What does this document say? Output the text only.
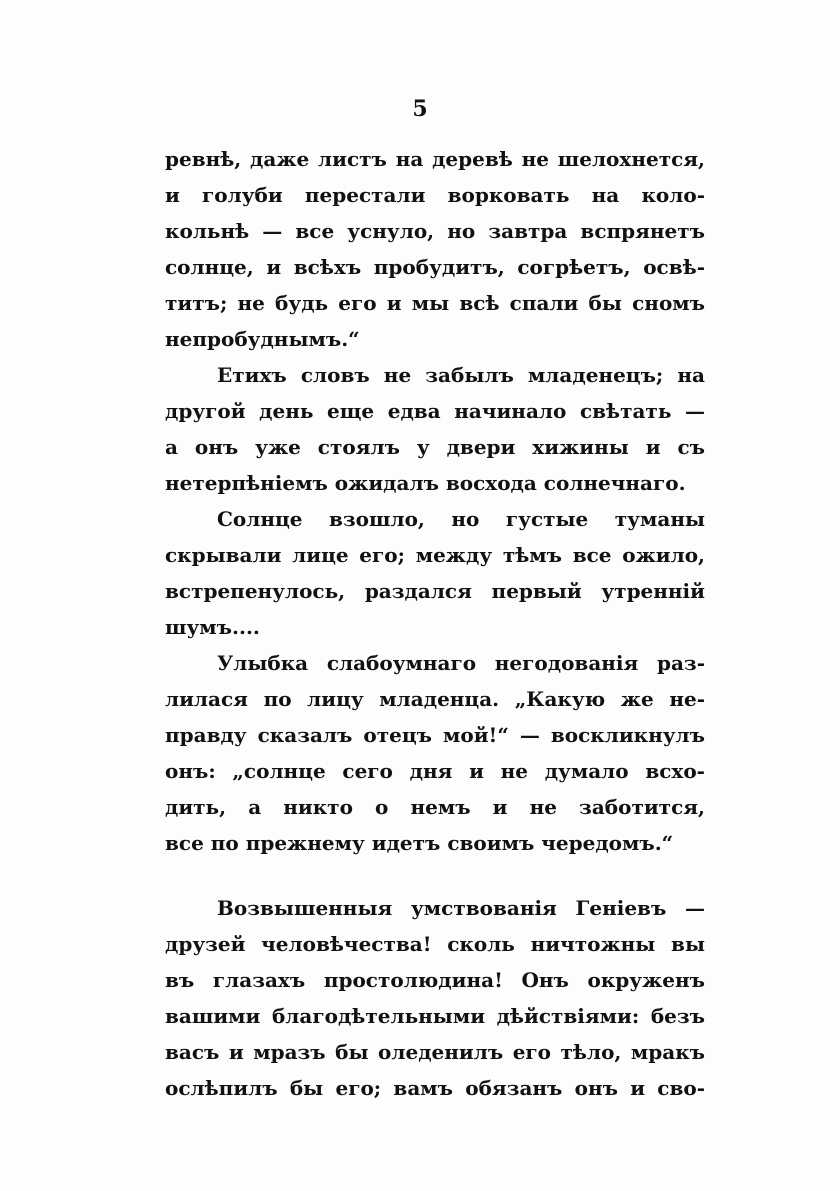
5
ревнѣ, даже листъ на деревѣ не шелохнется,
и голуби перестали ворковать на коло-
кольнѣ — все уснуло, но завтра вспрянетъ
солнце, и всѣхъ пробудитъ, согрѣетъ, освѣ-
титъ; не будь его и мы всѣ спали бы сномъ
непробуднымъ.“
Етихъ словъ не забылъ младенецъ; на
другой день еще едва начинало свѣтать —
а онъ уже стоялъ у двери хижины и съ
нетерпѣніемъ ожидалъ восхода солнечнаго.
Солнце взошло, но густые туманы
скрывали лице его; между тѣмъ все ожило,
встрепенулось, раздался первый утренній
шумъ....
Улыбка слабоумнаго негодованія раз-
лилася по лицу младенца. „Какую же не-
правду сказалъ отецъ мой!“ — воскликнулъ
онъ: „солнце сего дня и не думало всхо-
дить, а никто о немъ и не заботится,
все по прежнему идетъ своимъ чередомъ.“
Возвышенныя умствованія Геніевъ —
друзей человѣчества! сколь ничтожны вы
въ глазахъ простолюдина! Онъ окруженъ
вашими благодѣтельными дѣйствіями: безъ
васъ и мразъ бы оледенилъ его тѣло, мракъ
ослѣпилъ бы его; вамъ обязанъ онъ и сво-
